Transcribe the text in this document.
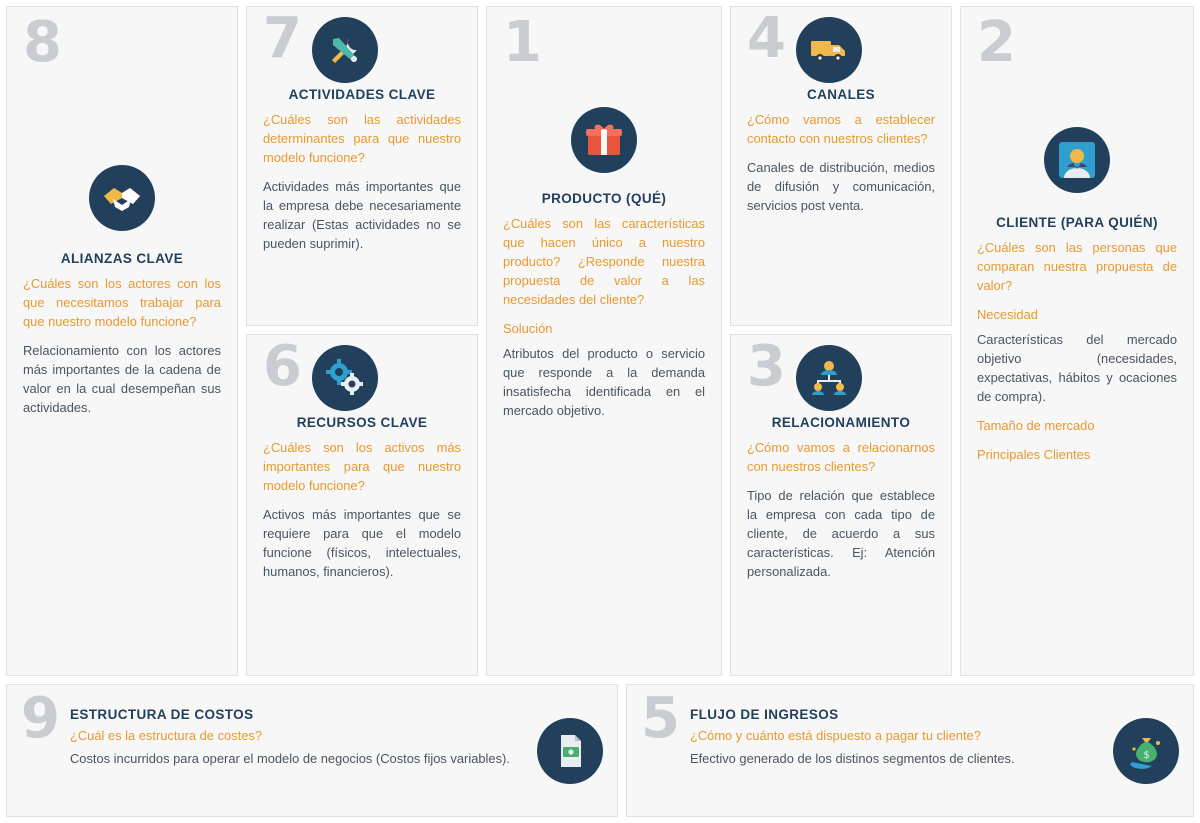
8
ALIANZAS CLAVE
¿Cuáles son los actores con los que necesitamos trabajar para que nuestro modelo funcione?
Relacionamiento con los actores más importantes de la cadena de valor en la cual desempeñan sus actividades.
7
ACTIVIDADES CLAVE
¿Cuáles son las actividades determinantes para que nuestro modelo funcione?
Actividades más importantes que la empresa debe necesariamente realizar (Estas actividades no se pueden suprimir).
6
RECURSOS CLAVE
¿Cuáles son los activos más importantes para que nuestro modelo funcione?
Activos más importantes que se requiere para que el modelo funcione (físicos, intelectuales, humanos, financieros).
1
PRODUCTO (QUÉ)
¿Cuáles son las características que hacen único a nuestro producto? ¿Responde nuestra propuesta de valor a las necesidades del cliente?
Solución
Atributos del producto o servicio que responde a la demanda insatisfecha identificada en el mercado objetivo.
4
CANALES
¿Cómo vamos a establecer contacto con nuestros clientes?
Canales de distribución, medios de difusión y comunicación, servicios post venta.
3
RELACIONAMIENTO
¿Cómo vamos a relacionarnos con nuestros clientes?
Tipo de relación que establece la empresa con cada tipo de cliente, de acuerdo a sus características. Ej: Atención personalizada.
2
CLIENTE (PARA QUIÉN)
¿Cuáles son las personas que comparan nuestra propuesta de valor?
Necesidad
Características del mercado objetivo (necesidades, expectativas, hábitos y ocaciones de compra).
Tamaño de mercado
Principales Clientes
9 ESTRUCTURA DE COSTOS
¿Cuál es la estructura de costes?
Costos incurridos para operar el modelo de negocios (Costos fijos variables).
5 FLUJO DE INGRESOS
¿Cómo y cuánto está dispuesto a pagar tu cliente?
Efectivo generado de los distinos segmentos de clientes.	$
